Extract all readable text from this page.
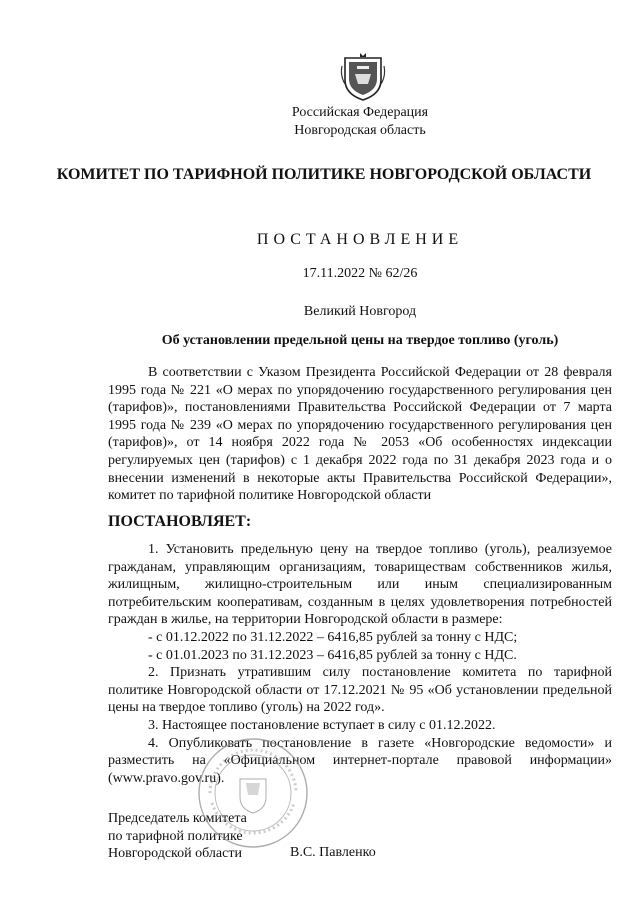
Российская Федерация
Новгородская область
КОМИТЕТ ПО ТАРИФНОЙ ПОЛИТИКЕ НОВГОРОДСКОЙ ОБЛАСТИ
ПОСТАНОВЛЕНИЕ
17.11.2022 № 62/26
Великий Новгород
Об установлении предельной цены на твердое топливо (уголь)

В соответствии с Указом Президента Российской Федерации от 28 февраля 1995 года № 221 «О мерах по упорядочению государственного регулирования цен (тарифов)», постановлениями Правительства Российской Федерации от 7 марта 1995 года № 239 «О мерах по упорядочению государственного регулирования цен (тарифов)», от 14 ноября 2022 года № 2053 «Об особенностях индексации регулируемых цен (тарифов) с 1 декабря 2022 года по 31 декабря 2023 года и о внесении изменений в некоторые акты Правительства Российской Федерации», комитет по тарифной политике Новгородской области

ПОСТАНОВЛЯЕТ:

1. Установить предельную цену на твердое топливо (уголь), реализуемое гражданам, управляющим организациям, товариществам собственников жилья, жилищным, жилищно-строительным или иным специализированным потребительским кооперативам, созданным в целях удовлетворения потребностей граждан в жилье, на территории Новгородской области в размере:

- с 01.12.2022 по 31.12.2022 – 6416,85 рублей за тонну с НДС;

- с 01.01.2023 по 31.12.2023 – 6416,85 рублей за тонну с НДС.

2. Признать утратившим силу постановление комитета по тарифной политике Новгородской области от 17.12.2021 № 95 «Об установлении предельной цены на твердое топливо (уголь) на 2022 год».

3. Настоящее постановление вступает в силу с 01.12.2022.

4. Опубликовать постановление в газете «Новгородские ведомости» и разместить на «Официальном интернет-портале правовой информации» (www.pravo.gov.ru).

Председатель комитета
по тарифной политике
Новгородской области	В.С. Павленко
